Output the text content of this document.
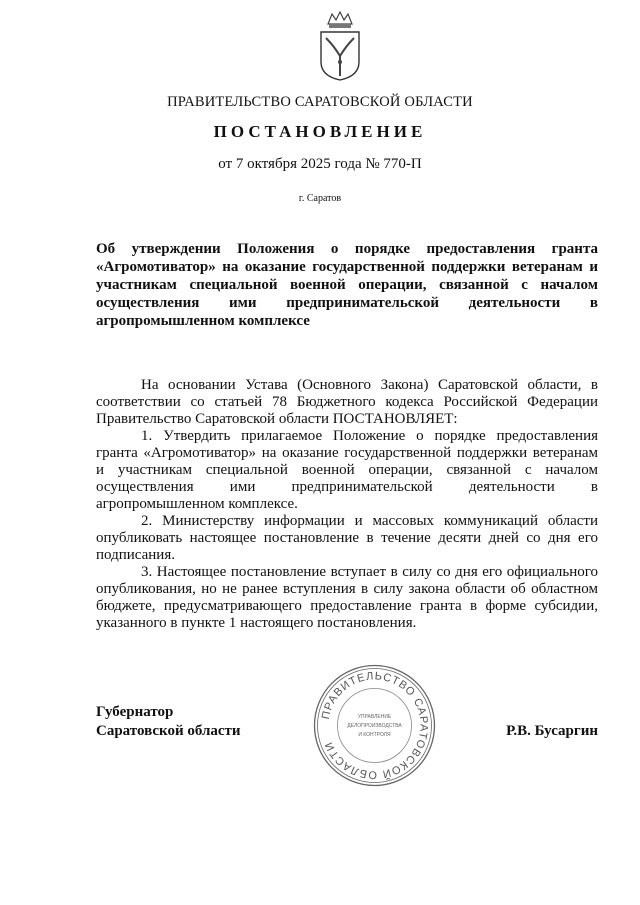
ПРАВИТЕЛЬСТВО САРАТОВСКОЙ ОБЛАСТИ
ПОСТАНОВЛЕНИЕ
от 7 октября 2025 года № 770-П
г. Саратов
Об утверждении Положения о порядке предоставления гранта «Агромотиватор» на оказание государственной поддержки ветеранам и участникам специальной военной операции, связанной с началом осуществления ими предпринимательской деятельности в агропромышленном комплексе

На основании Устава (Основного Закона) Саратовской области, в соответствии со статьей 78 Бюджетного кодекса Российской Федерации Правительство Саратовской области ПОСТАНОВЛЯЕТ:

1. Утвердить прилагаемое Положение о порядке предоставления гранта «Агромотиватор» на оказание государственной поддержки ветеранам и участникам специальной военной операции, связанной с началом осуществления ими предпринимательской деятельности в агропромышленном комплексе.

2. Министерству информации и массовых коммуникаций области опубликовать настоящее постановление в течение десяти дней со дня его подписания.

3. Настоящее постановление вступает в силу со дня его официального опубликования, но не ранее вступления в силу закона области об областном бюджете, предусматривающего предоставление гранта в форме субсидии, указанного в пункте 1 настоящего постановления.

Губернатор
Саратовской области	Р.В. Бусаргин
ПРАВИТЕЛЬСТВО САРАТОВСКОЙ ОБЛАСТИ
УПРАВЛЕНИЕ
ДЕЛОПРОИЗВОДСТВА
И КОНТРОЛЯ
